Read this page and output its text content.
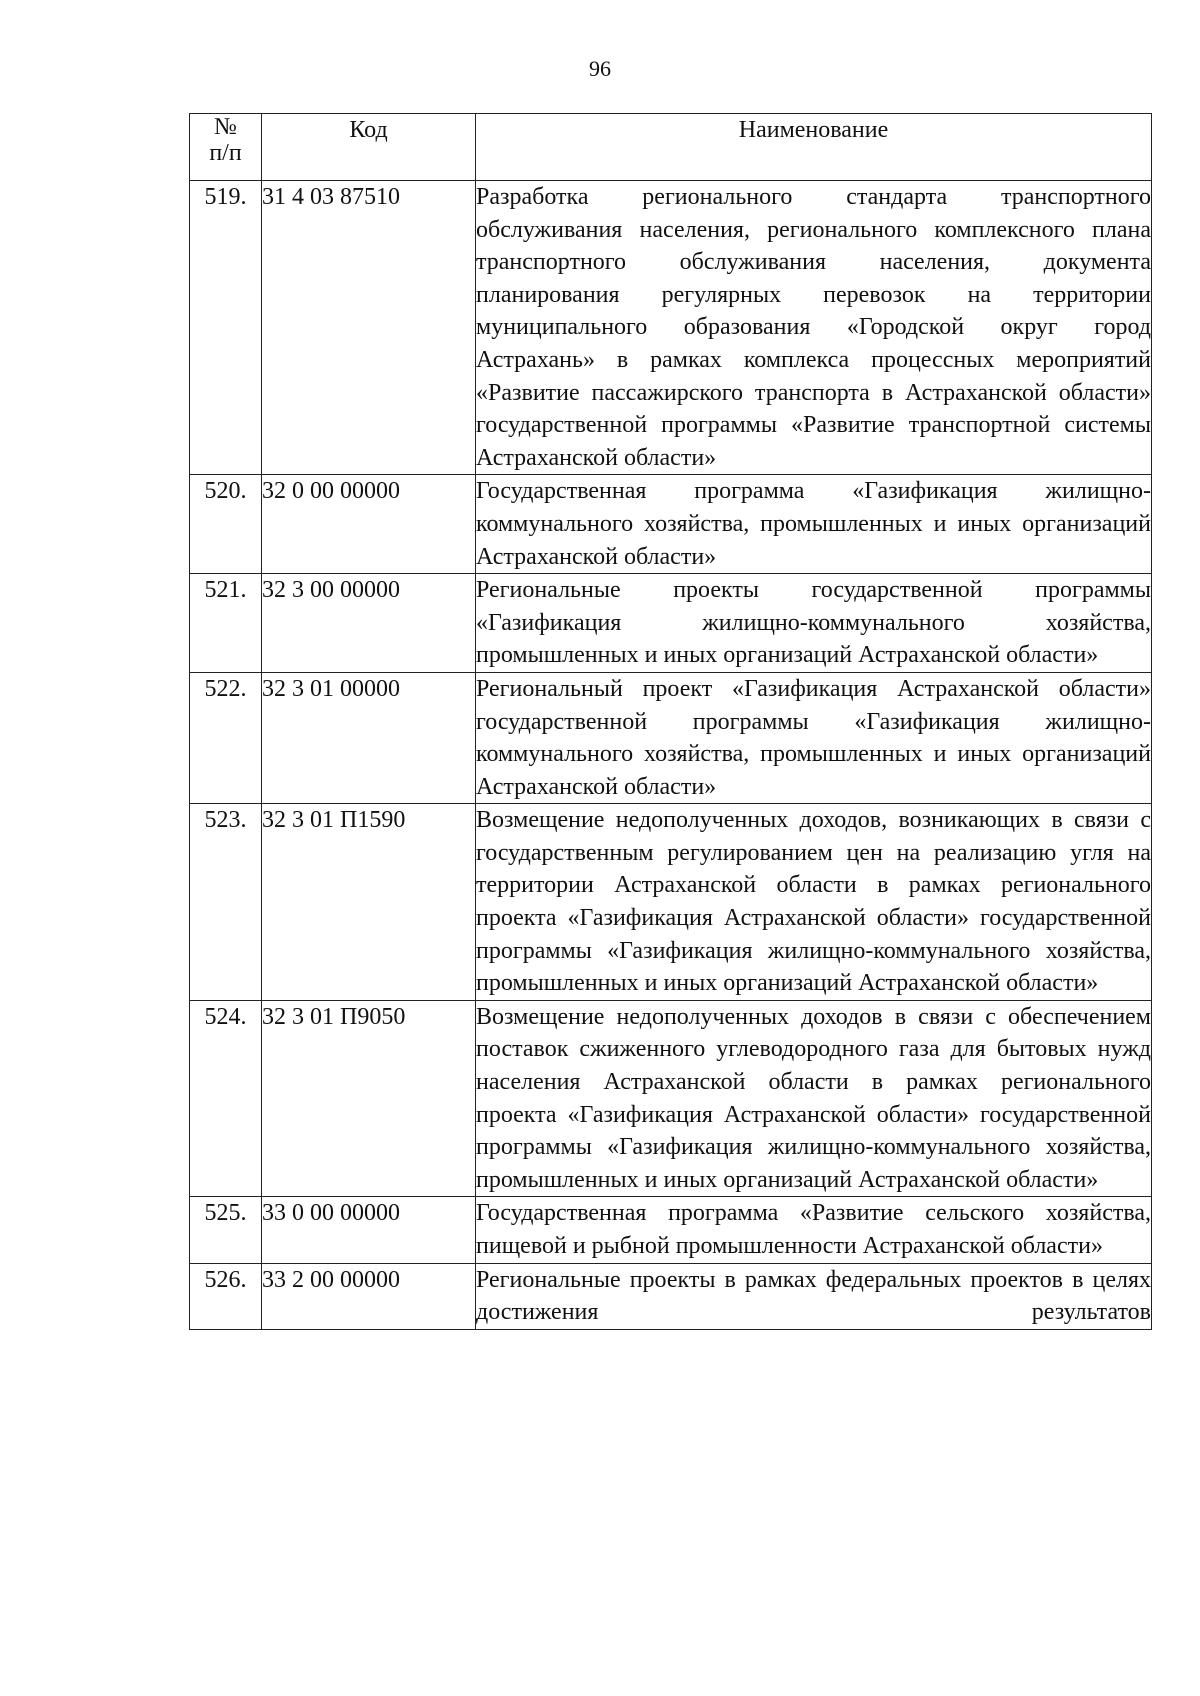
96
№
п/п	Код	Наименование
519.	31 4 03 87510	Разработка регионального стандарта транспортного обслуживания населения, регионального комплексного плана транспортного обслуживания населения, документа планирования регулярных перевозок на территории муниципального образования «Городской округ город Астрахань» в рамках комплекса процессных мероприятий «Развитие пассажирского транспорта в Астраханской области» государственной программы «Развитие транспортной системы Астраханской области»
520.	32 0 00 00000	Государственная программа «Газификация жилищно-коммунального хозяйства, промышленных и иных организаций Астраханской области»
521.	32 3 00 00000	Региональные проекты государственной программы «Газификация жилищно-коммунального хозяйства, промышленных и иных организаций Астраханской области»
522.	32 3 01 00000	Региональный проект «Газификация Астраханской области» государственной программы «Газификация жилищно-коммунального хозяйства, промышленных и иных организаций Астраханской области»
523.	32 3 01 П1590	Возмещение недополученных доходов, возникающих в связи с государственным регулированием цен на реализацию угля на территории Астраханской области в рамках регионального проекта «Газификация Астраханской области» государственной программы «Газификация жилищно-коммунального хозяйства, промышленных и иных организаций Астраханской области»
524.	32 3 01 П9050	Возмещение недополученных доходов в связи с обеспечением поставок сжиженного углеводородного газа для бытовых нужд населения Астраханской области в рамках регионального проекта «Газификация Астраханской области» государственной программы «Газификация жилищно-коммунального хозяйства, промышленных и иных организаций Астраханской области»
525.	33 0 00 00000	Государственная программа «Развитие сельского хозяйства, пищевой и рыбной промышленности Астраханской области»
526.	33 2 00 00000	Региональные проекты в рамках федеральных проектов в целях достижения результатов
